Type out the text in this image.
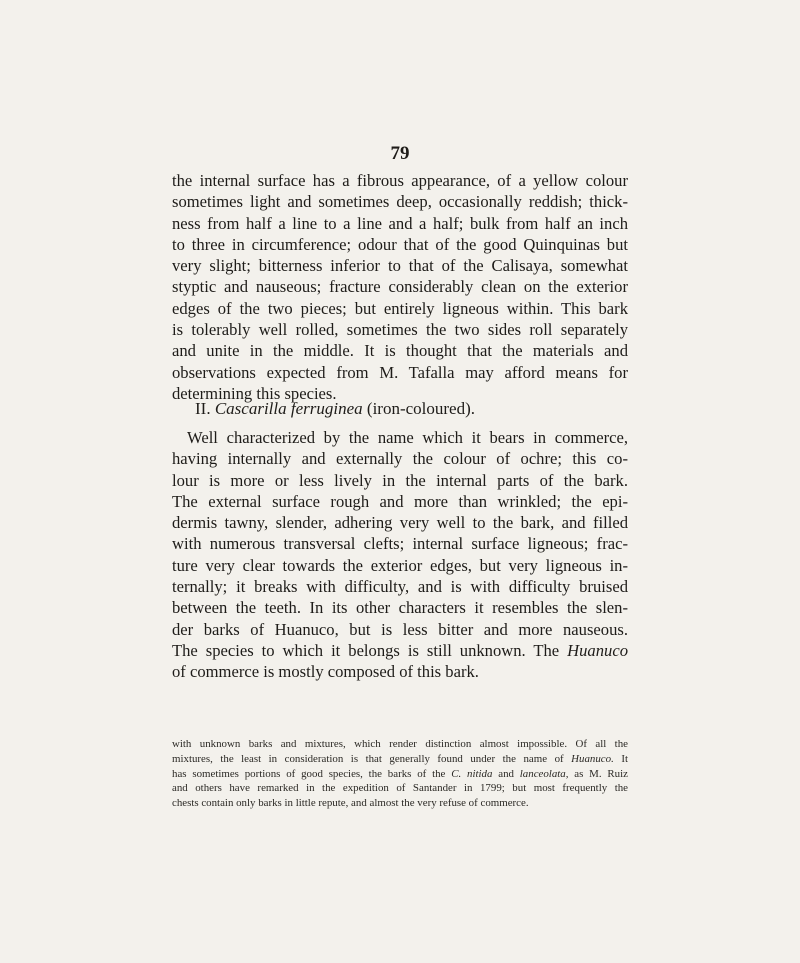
79
the internal surface has a fibrous appearance, of a yellow colour
sometimes light and sometimes deep, occasionally reddish; thick-
ness from half a line to a line and a half; bulk from half an inch
to three in circumference; odour that of the good Quinquinas but
very slight; bitterness inferior to that of the Calisaya, somewhat
styptic and nauseous; fracture considerably clean on the exterior
edges of the two pieces; but entirely ligneous within. This bark
is tolerably well rolled, sometimes the two sides roll separately
and unite in the middle. It is thought that the materials and
observations expected from M. Tafalla may afford means for
determining this species.
II. Cascarilla ferruginea (iron-coloured).
Well characterized by the name which it bears in commerce,
having internally and externally the colour of ochre; this co-
lour is more or less lively in the internal parts of the bark.
The external surface rough and more than wrinkled; the epi-
dermis tawny, slender, adhering very well to the bark, and filled
with numerous transversal clefts; internal surface ligneous; frac-
ture very clear towards the exterior edges, but very ligneous in-
ternally; it breaks with difficulty, and is with difficulty bruised
between the teeth. In its other characters it resembles the slen-
der barks of Huanuco, but is less bitter and more nauseous.
The species to which it belongs is still unknown. The Huanuco
of commerce is mostly composed of this bark.
with unknown barks and mixtures, which render distinction almost impossible. Of all the
mixtures, the least in consideration is that generally found under the name of Huanuco. It
has sometimes portions of good species, the barks of the C. nitida and lanceolata, as M. Ruiz
and others have remarked in the expedition of Santander in 1799; but most frequently the
chests contain only barks in little repute, and almost the very refuse of commerce.
